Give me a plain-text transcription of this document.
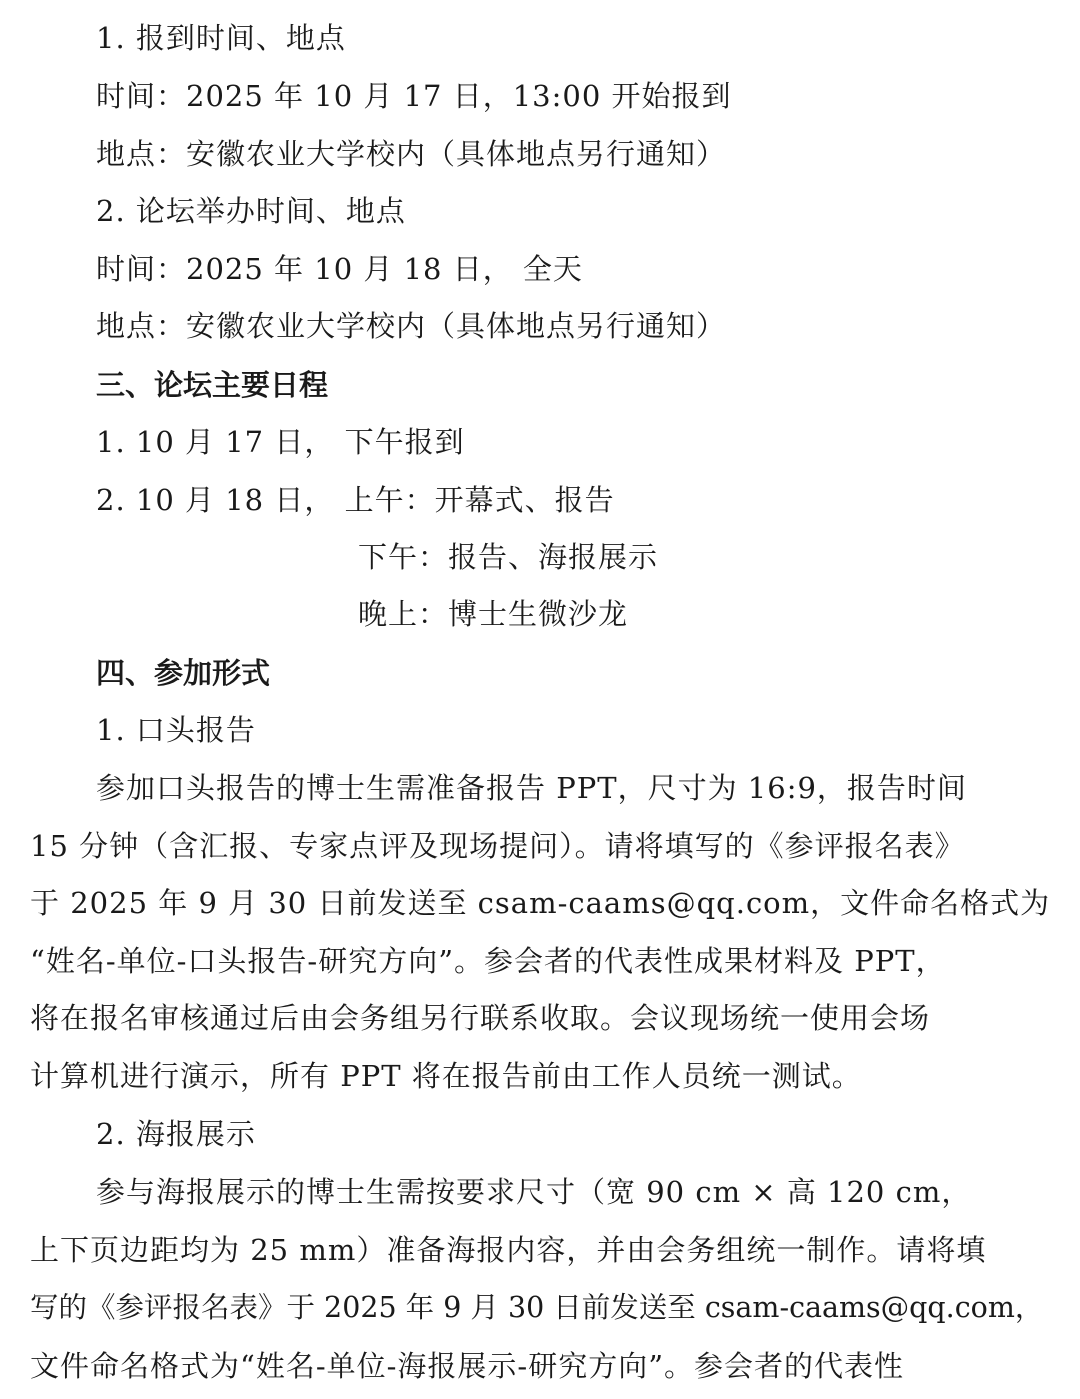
1. 报到时间、地点
时间：2025 年 10 月 17 日，13:00 开始报到
地点：安徽农业大学校内（具体地点另行通知）
2. 论坛举办时间、地点
时间：2025 年 10 月 18 日， 全天
地点：安徽农业大学校内（具体地点另行通知）
三、论坛主要日程
1. 10 月 17 日， 下午报到
2. 10 月 18 日， 上午：开幕式、报告
下午：报告、海报展示
晚上：博士生微沙龙
四、参加形式
1. 口头报告
参加口头报告的博士生需准备报告 PPT，尺寸为 16:9，报告时间
15 分钟（含汇报、专家点评及现场提问）。请将填写的《参评报名表》
于 2025 年 9 月 30 日前发送至 csam-caams@qq.com，文件命名格式为
“姓名-单位-口头报告-研究方向”。参会者的代表性成果材料及 PPT，
将在报名审核通过后由会务组另行联系收取。会议现场统一使用会场
计算机进行演示，所有 PPT 将在报告前由工作人员统一测试。
2. 海报展示
参与海报展示的博士生需按要求尺寸（宽 90 cm × 高 120 cm，
上下页边距均为 25 mm）准备海报内容，并由会务组统一制作。请将填
写的《参评报名表》于 2025 年 9 月 30 日前发送至 csam-caams@qq.com，
文件命名格式为“姓名-单位-海报展示-研究方向”。参会者的代表性
